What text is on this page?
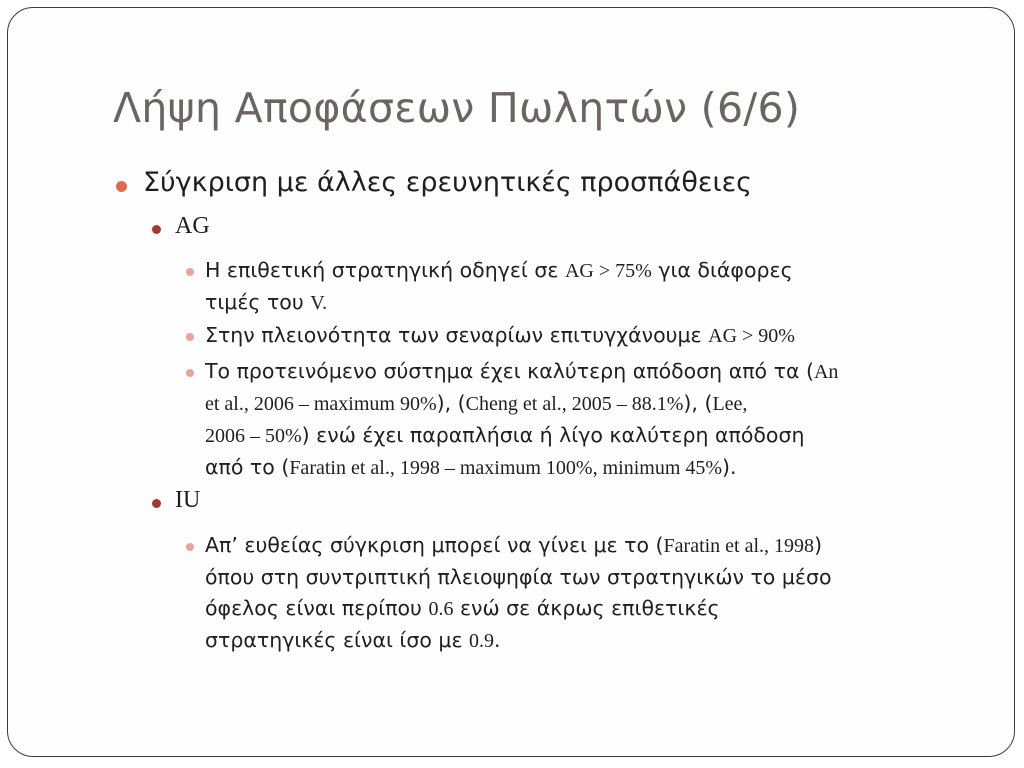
Λήψη Αποφάσεων Πωλητών (6/6)
Σύγκριση με άλλες ερευνητικές προσπάθειες
AG
Η επιθετική στρατηγική οδηγεί σε AG > 75% για διάφορες
τιμές του V.
Στην πλειονότητα των σεναρίων επιτυγχάνουμε AG > 90%
Το προτεινόμενο σύστημα έχει καλύτερη απόδοση από τα (An
et al., 2006 – maximum 90%), (Cheng et al., 2005 – 88.1%), (Lee,
2006 – 50%) ενώ έχει παραπλήσια ή λίγο καλύτερη απόδοση
από το (Faratin et al., 1998 – maximum 100%, minimum 45%).
IU
Απ’ ευθείας σύγκριση μπορεί να γίνει με το (Faratin et al., 1998)
όπου στη συντριπτική πλειοψηφία των στρατηγικών το μέσο
όφελος είναι περίπου 0.6 ενώ σε άκρως επιθετικές
στρατηγικές είναι ίσο με 0.9.
